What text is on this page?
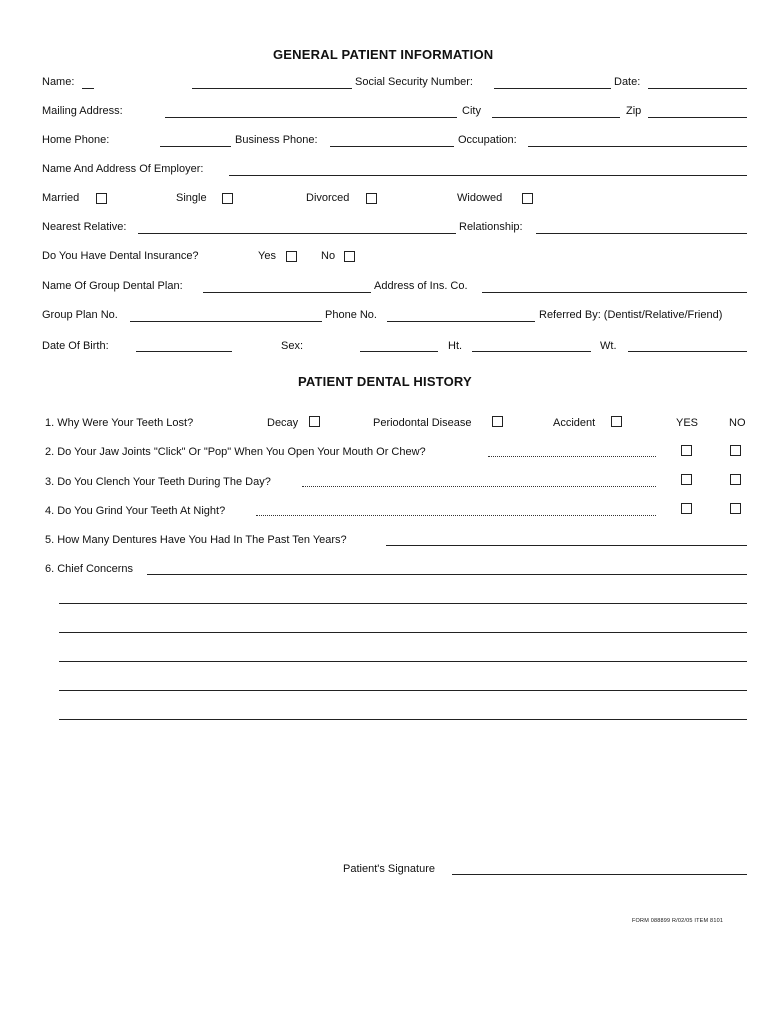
GENERAL PATIENT INFORMATION
Name:	Social Security Number:	Date:
Mailing Address:	City	Zip
Home Phone:	Business Phone:	Occupation:
Name And Address Of Employer:
Married	Single	Divorced	Widowed
Nearest Relative:	Relationship:
Do You Have Dental Insurance?	Yes	No
Name Of Group Dental Plan:	Address of Ins. Co.
Group Plan No.	Phone No.	Referred By: (Dentist/Relative/Friend)
Date Of Birth:	Sex:	Ht.	Wt.
PATIENT DENTAL HISTORY
1. Why Were Your Teeth Lost?	Decay	Periodontal Disease	Accident	YES	NO
2. Do Your Jaw Joints "Click" Or "Pop" When You Open Your Mouth Or Chew?
3. Do You Clench Your Teeth During The Day?
4. Do You Grind Your Teeth At Night?
5. How Many Dentures Have You Had In The Past Ten Years?
6. Chief Concerns
Patient's Signature
FORM 088899 R/02/05 ITEM 8101
